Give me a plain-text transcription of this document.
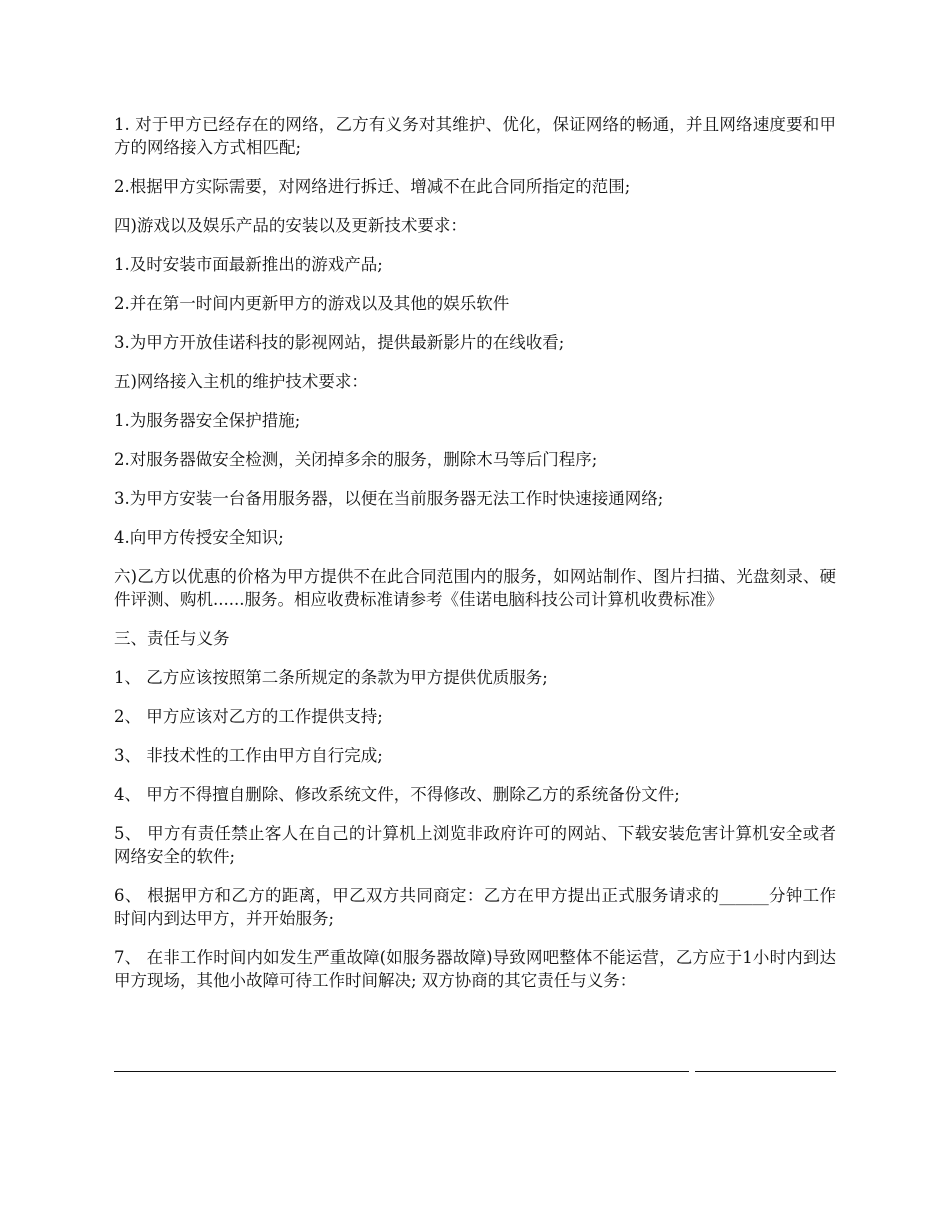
1. 对于甲方已经存在的网络，乙方有义务对其维护、优化，保证网络的畅通，并且网络速度要和甲方的网络接入方式相匹配;

2.根据甲方实际需要，对网络进行拆迁、增减不在此合同所指定的范围;

四)游戏以及娱乐产品的安装以及更新技术要求：

1.及时安装市面最新推出的游戏产品;

2.并在第一时间内更新甲方的游戏以及其他的娱乐软件

3.为甲方开放佳诺科技的影视网站，提供最新影片的在线收看;

五)网络接入主机的维护技术要求：

1.为服务器安全保护措施;

2.对服务器做安全检测，关闭掉多余的服务，删除木马等后门程序;

3.为甲方安装一台备用服务器，以便在当前服务器无法工作时快速接通网络;

4.向甲方传授安全知识;

六)乙方以优惠的价格为甲方提供不在此合同范围内的服务，如网站制作、图片扫描、光盘刻录、硬件评测、购机......服务。相应收费标准请参考《佳诺电脑科技公司计算机收费标准》

三、责任与义务

1、 乙方应该按照第二条所规定的条款为甲方提供优质服务;

2、 甲方应该对乙方的工作提供支持;

3、 非技术性的工作由甲方自行完成;

4、 甲方不得擅自删除、修改系统文件，不得修改、删除乙方的系统备份文件;

5、 甲方有责任禁止客人在自己的计算机上浏览非政府许可的网站、下载安装危害计算机安全或者网络安全的软件;

6、 根据甲方和乙方的距离，甲乙双方共同商定：乙方在甲方提出正式服务请求的______分钟工作时间内到达甲方，并开始服务;

7、 在非工作时间内如发生严重故障(如服务器故障)导致网吧整体不能运营，乙方应于1小时内到达甲方现场，其他小故障可待工作时间解决; 双方协商的其它责任与义务：
